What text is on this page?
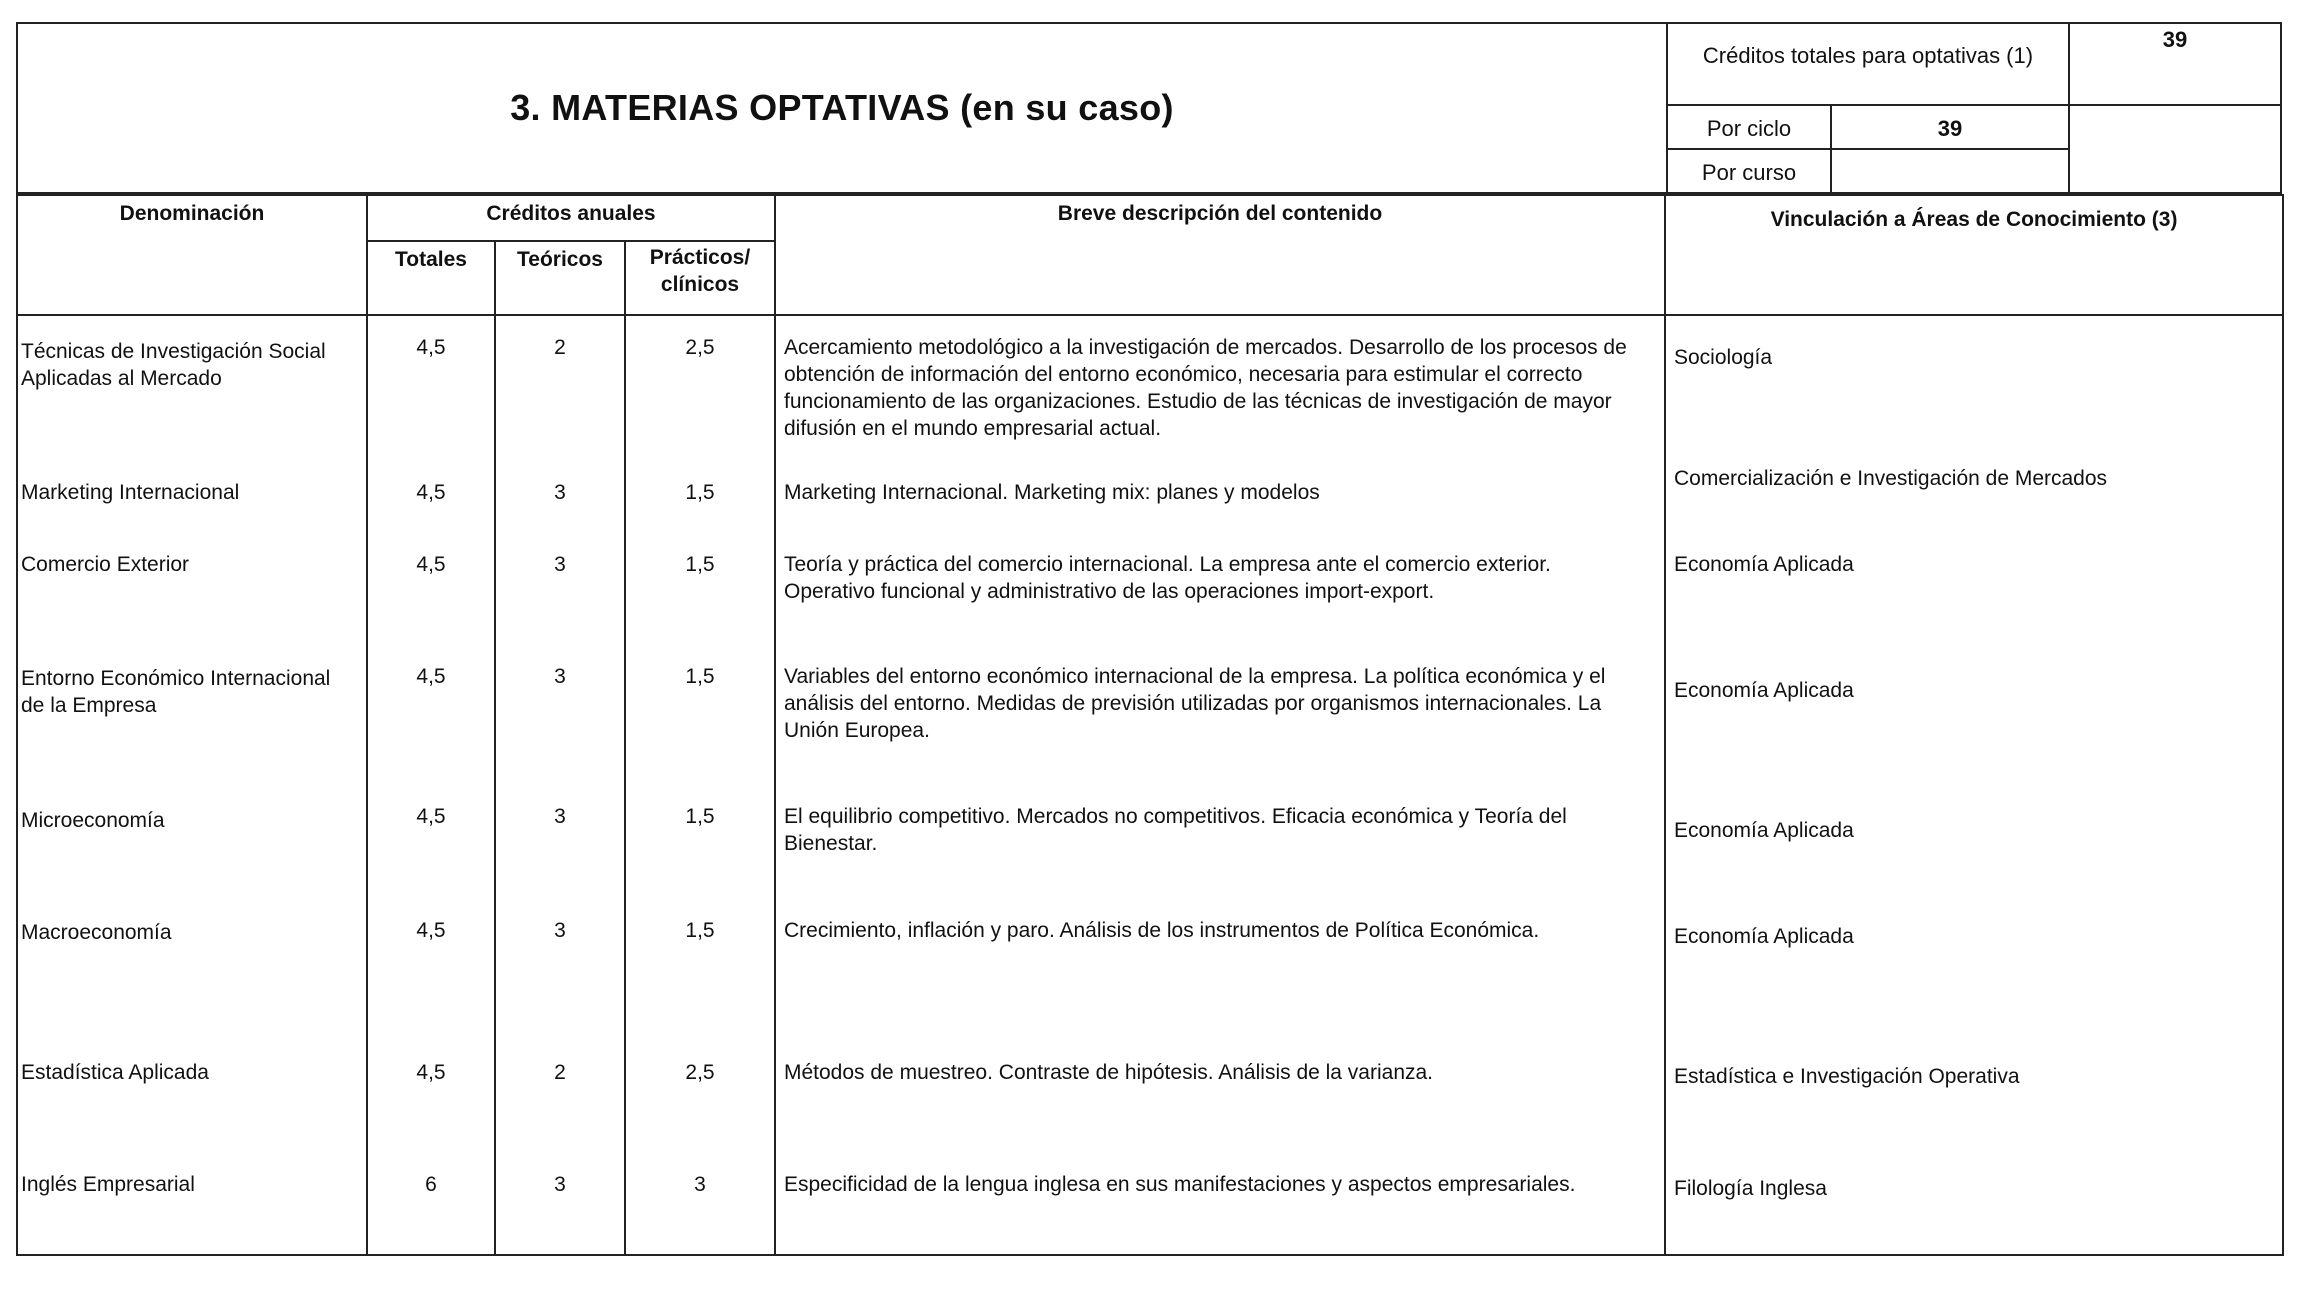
3. MATERIAS OPTATIVAS (en su caso)
Créditos totales para optativas (1)
39
Por ciclo	39
Por curso
Denominación	Créditos anuales			Breve descripción del contenido	Vinculación a Áreas de Conocimiento (3)
	Totales	Teóricos	Prácticos/ clínicos		
Técnicas de Investigación Social Aplicadas al Mercado	4,5	2	2,5	Acercamiento metodológico a la investigación de mercados. Desarrollo de los procesos de obtención de información del entorno económico, necesaria para estimular el correcto funcionamiento de las organizaciones. Estudio de las técnicas de investigación de mayor difusión en el mundo empresarial actual.	Sociología
Marketing Internacional	4,5	3	1,5	Marketing Internacional. Marketing mix: planes y modelos	Comercialización e Investigación de Mercados
Comercio Exterior	4,5	3	1,5	Teoría y práctica del comercio internacional. La empresa ante el comercio exterior. Operativo funcional y administrativo de las operaciones import-export.	Economía Aplicada
Entorno Económico Internacional de la Empresa	4,5	3	1,5	Variables del entorno económico internacional de la empresa. La política económica y el análisis del entorno. Medidas de previsión utilizadas por organismos internacionales. La Unión Europea.	Economía Aplicada
Microeconomía	4,5	3	1,5	El equilibrio competitivo. Mercados no competitivos. Eficacia económica y Teoría del Bienestar.	Economía Aplicada
Macroeconomía	4,5	3	1,5	Crecimiento, inflación y paro. Análisis de los instrumentos de Política Económica.	Economía Aplicada
Estadística Aplicada	4,5	2	2,5	Métodos de muestreo. Contraste de hipótesis. Análisis de la varianza.	Estadística e Investigación Operativa
Inglés Empresarial	6	3	3	Especificidad de la lengua inglesa en sus manifestaciones y aspectos empresariales.	Filología Inglesa
